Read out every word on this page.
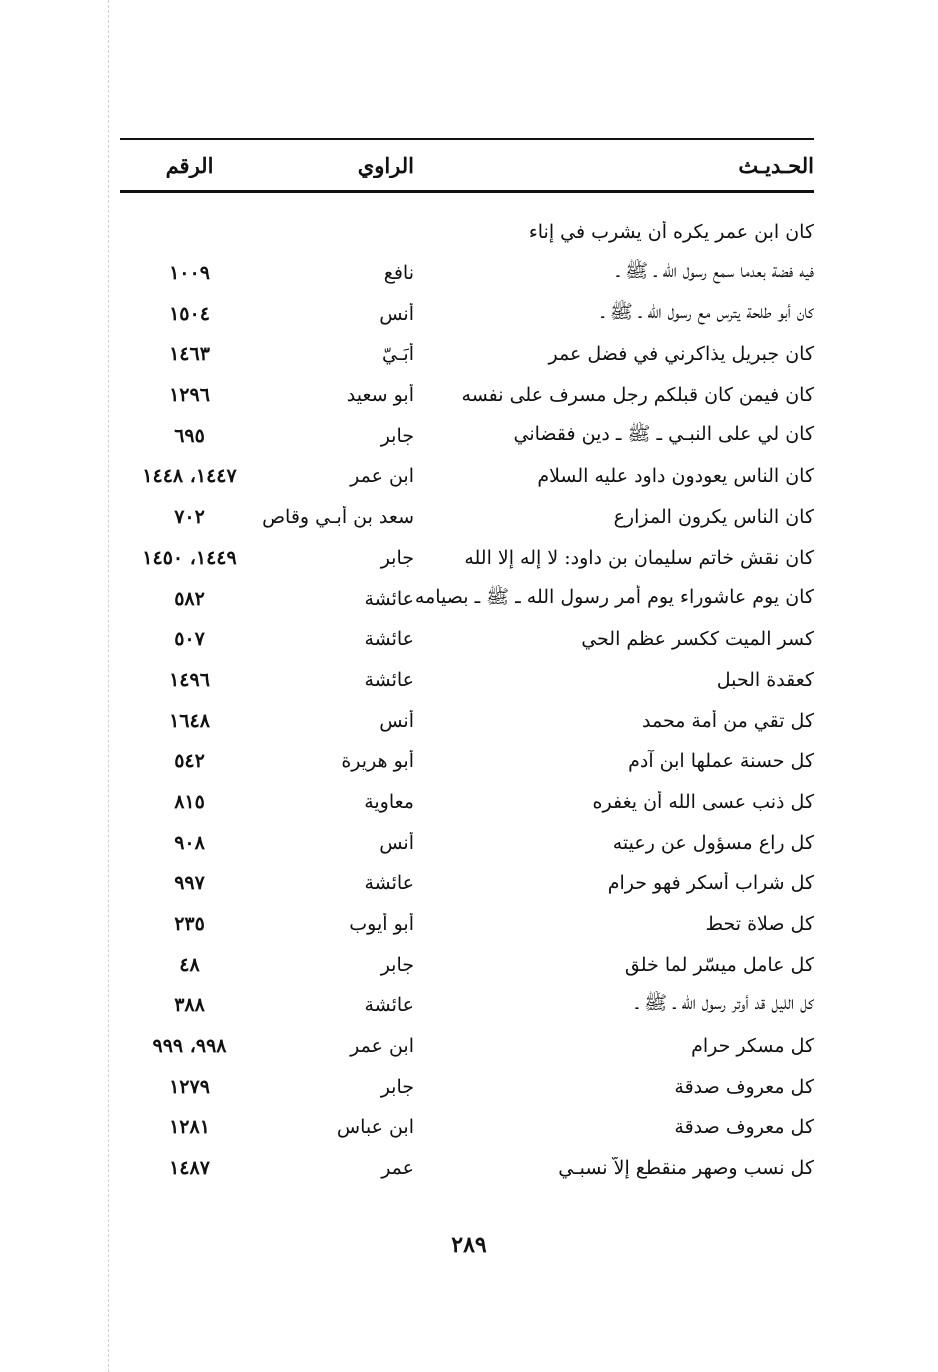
الحـديـث
الراوي
الرقم
كان ابن عمر يكره أن يشرب في إناء
فيه فضة بعدما سمع رسول الله ـ ﷺ ـ
نافع
١٠٠٩
كان أبو طلحة يترس مع رسول الله ـ ﷺ ـ
أنس
١٥٠٤
كان جبريل يذاكرني في فضل عمر
أُبَـيّ
١٤٦٣
كان فيمن كان قبلكم رجل مسرف على نفسه
أبو سعيد
١٢٩٦
كان لي على النبـي ـ ﷺ ـ دين فقضاني
جابر
٦٩٥
كان الناس يعودون داود عليه السلام
ابن عمر
١٤٤٧، ١٤٤٨
كان الناس يكرون المزارع
سعد بن أبـي وقاص
٧٠٢
كان نقش خاتم سليمان بن داود: لا إله إلا الله
جابر
١٤٤٩، ١٤٥٠
كان يوم عاشوراء يوم أمر رسول الله ـ ﷺ ـ بصيامه
عائشة
٥٨٢
كسر الميت ككسر عظم الحي
عائشة
٥٠٧
كعقدة الحبل
عائشة
١٤٩٦
كل تقي من أمة محمد
أنس
١٦٤٨
كل حسنة عملها ابن آدم
أبو هريرة
٥٤٢
كل ذنب عسى الله أن يغفره
معاوية
٨١٥
كل راع مسؤول عن رعيته
أنس
٩٠٨
كل شراب أسكر فهو حرام
عائشة
٩٩٧
كل صلاة تحط
أبو أيوب
٢٣٥
كل عامل ميسّر لما خلق
جابر
٤٨
كل الليل قد أوتر رسول الله ـ ﷺ ـ
عائشة
٣٨٨
كل مسكر حرام
ابن عمر
٩٩٨، ٩٩٩
كل معروف صدقة
جابر
١٢٧٩
كل معروف صدقة
ابن عباس
١٢٨١
كل نسب وصهر منقطع إلاَّ نسبـي
عمر
١٤٨٧
٢٨٩
